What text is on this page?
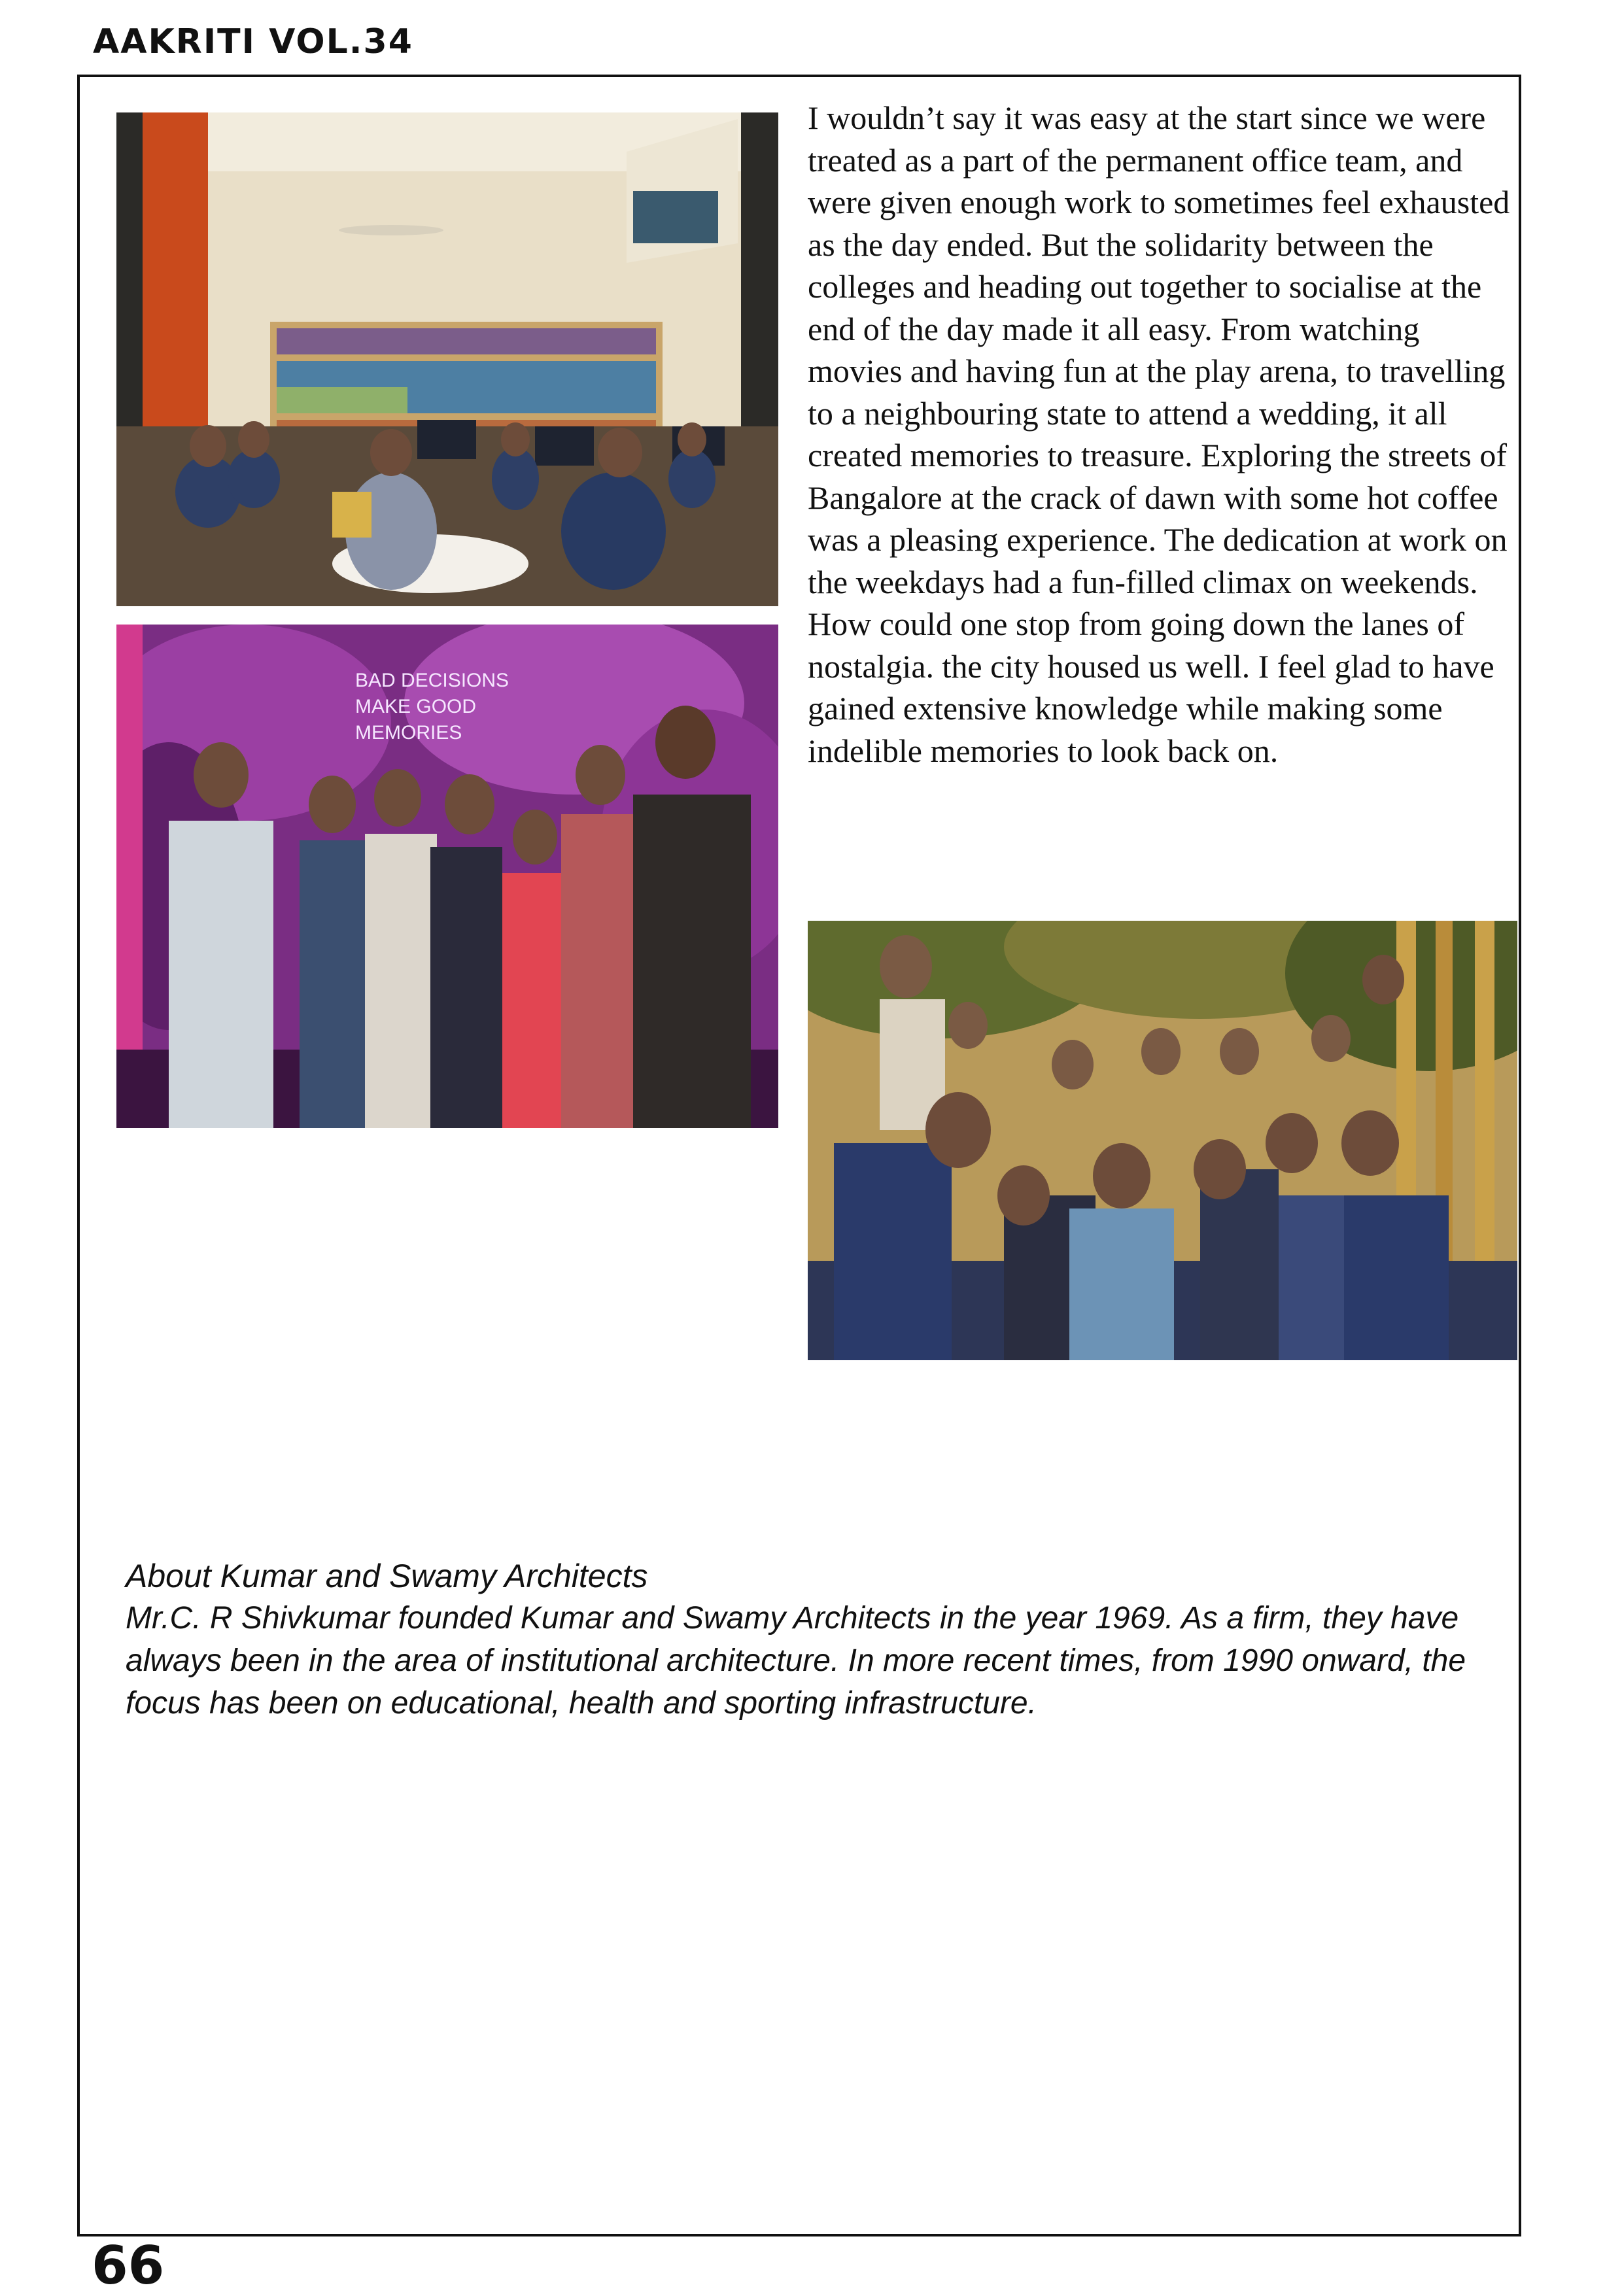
AAKRITI VOL.34
BAD DECISIONS
MAKE GOOD
MEMORIES

I wouldn’t say it was easy at the start since we were treated as a part of the permanent office team, and were given enough work to sometimes feel exhausted as the day ended. But the solidarity between the colleges and heading out together to socialise at the end of the day made it all easy. From watching movies and having fun at the play arena, to travelling to a neighbouring state to attend a wedding, it all created memories to treasure. Exploring the streets of Bangalore at the crack of dawn with some hot coffee was a pleasing experience. The dedication at work on the weekdays had a fun-filled climax on weekends. How could one stop from going down the lanes of nostalgia. the city housed us well. I feel glad to have gained extensive knowledge while making some indelible memories to look back on.

About Kumar and Swamy Architects

Mr.C. R Shivkumar founded Kumar and Swamy Architects in the year 1969. As a firm, they have always been in the area of institutional architecture. In more recent times, from 1990 onward, the focus has been on educational, health and sporting infrastructure.

66
